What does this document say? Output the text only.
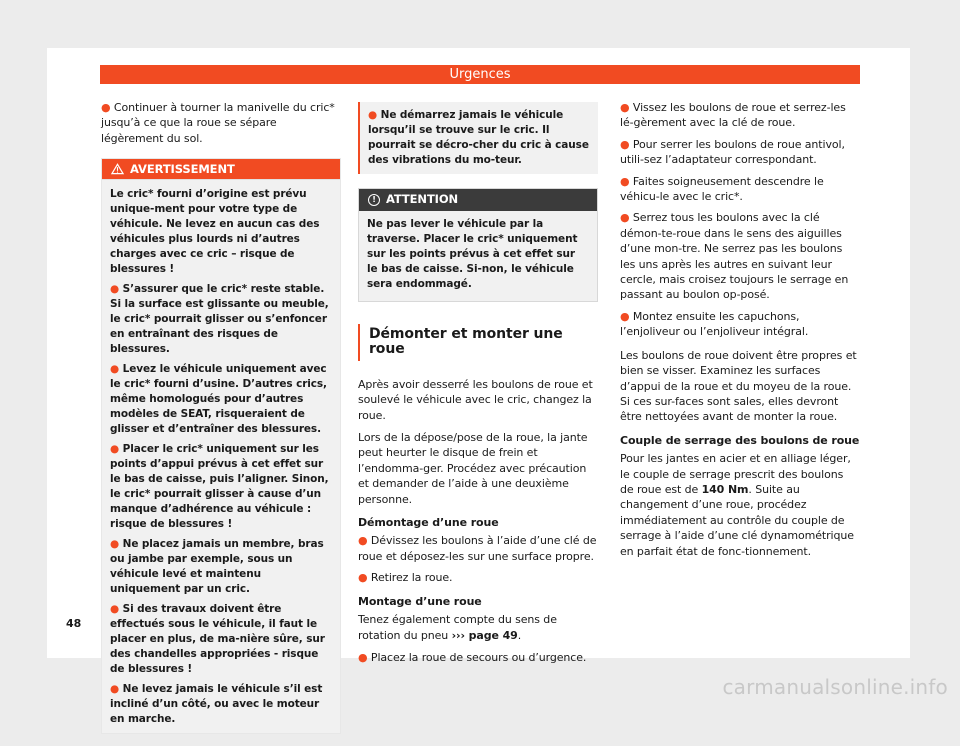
Urgences

● Continuer à tourner la manivelle du cric* jusqu’à ce que la roue se sépare légèrement du sol.

AVERTISSEMENT

Le cric* fourni d’origine est prévu unique-ment pour votre type de véhicule. Ne levez en aucun cas des véhicules plus lourds ni d’autres charges avec ce cric – risque de blessures !

● S’assurer que le cric* reste stable. Si la surface est glissante ou meuble, le cric* pourrait glisser ou s’enfoncer en entraînant des risques de blessures.

● Levez le véhicule uniquement avec le cric* fourni d’usine. D’autres crics, même homologués pour d’autres modèles de SEAT, risqueraient de glisser et d’entraîner des blessures.

● Placer le cric* uniquement sur les points d’appui prévus à cet effet sur le bas de caisse, puis l’aligner. Sinon, le cric* pourrait glisser à cause d’un manque d’adhérence au véhicule : risque de blessures !

● Ne placez jamais un membre, bras ou jambe par exemple, sous un véhicule levé et maintenu uniquement par un cric.

● Si des travaux doivent être effectués sous le véhicule, il faut le placer en plus, de ma-nière sûre, sur des chandelles appropriées - risque de blessures !

● Ne levez jamais le véhicule s’il est incliné d’un côté, ou avec le moteur en marche.

● Ne démarrez jamais le véhicule lorsqu’il se trouve sur le cric. Il pourrait se décro-cher du cric à cause des vibrations du mo-teur.
! ATTENTION
Ne pas lever le véhicule par la traverse. Placer le cric* uniquement sur les points prévus à cet effet sur le bas de caisse. Si-non, le véhicule sera endommagé.
Démonter et monter une roue

Après avoir desserré les boulons de roue et soulevé le véhicule avec le cric, changez la roue.

Lors de la dépose/pose de la roue, la jante peut heurter le disque de frein et l’endomma-ger. Procédez avec précaution et demander de l’aide à une deuxième personne.

Démontage d’une roue

● Dévissez les boulons à l’aide d’une clé de roue et déposez-les sur une surface propre.

● Retirez la roue.

Montage d’une roue

Tenez également compte du sens de rotation du pneu ››› page 49.

● Placez la roue de secours ou d’urgence.

● Vissez les boulons de roue et serrez-les lé-gèrement avec la clé de roue.

● Pour serrer les boulons de roue antivol, utili-sez l’adaptateur correspondant.

● Faites soigneusement descendre le véhicu-le avec le cric*.

● Serrez tous les boulons avec la clé démon-te-roue dans le sens des aiguilles d’une mon-tre. Ne serrez pas les boulons les uns après les autres en suivant leur cercle, mais croisez toujours le serrage en passant au boulon op-posé.

● Montez ensuite les capuchons, l’enjoliveur ou l’enjoliveur intégral.

Les boulons de roue doivent être propres et bien se visser. Examinez les surfaces d’appui de la roue et du moyeu de la roue. Si ces sur-faces sont sales, elles devront être nettoyées avant de monter la roue.

Couple de serrage des boulons de roue

Pour les jantes en acier et en alliage léger, le couple de serrage prescrit des boulons de roue est de 140 Nm. Suite au changement d’une roue, procédez immédiatement au contrôle du couple de serrage à l’aide d’une clé dynamométrique en parfait état de fonc-tionnement.

48
carmanualsonline.info
